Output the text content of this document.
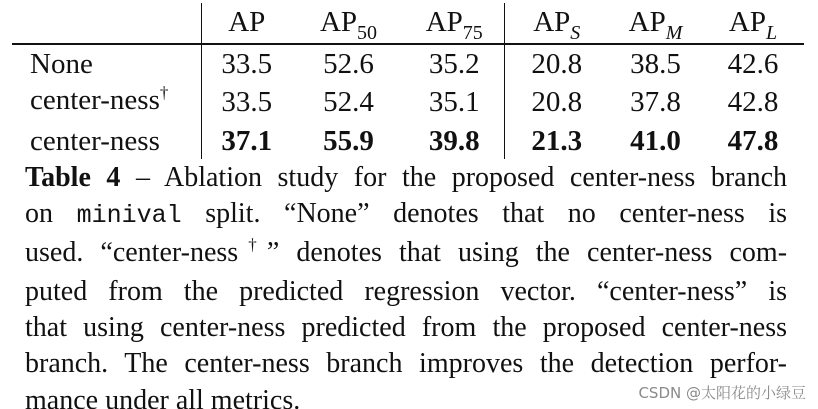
	AP	$AP_{50}$	$AP_{75}$	$AP_S$	$AP_M$	$AP_L$
None	33.5	52.6	35.2	20.8	38.5	42.6
center-ness†	33.5	52.4	35.1	20.8	37.8	42.8
center-ness	37.1	55.9	39.8	21.3	41.0	47.8
Table 4 – Ablation study for the proposed center-ness branch
on minival split. “None” denotes that no center-ness is
used. “center-ness†” denotes that using the center-ness com-
puted from the predicted regression vector. “center-ness” is
that using center-ness predicted from the proposed center-ness
branch. The center-ness branch improves the detection perfor-
mance under all metrics.	CSDN @太阳花的小绿豆
